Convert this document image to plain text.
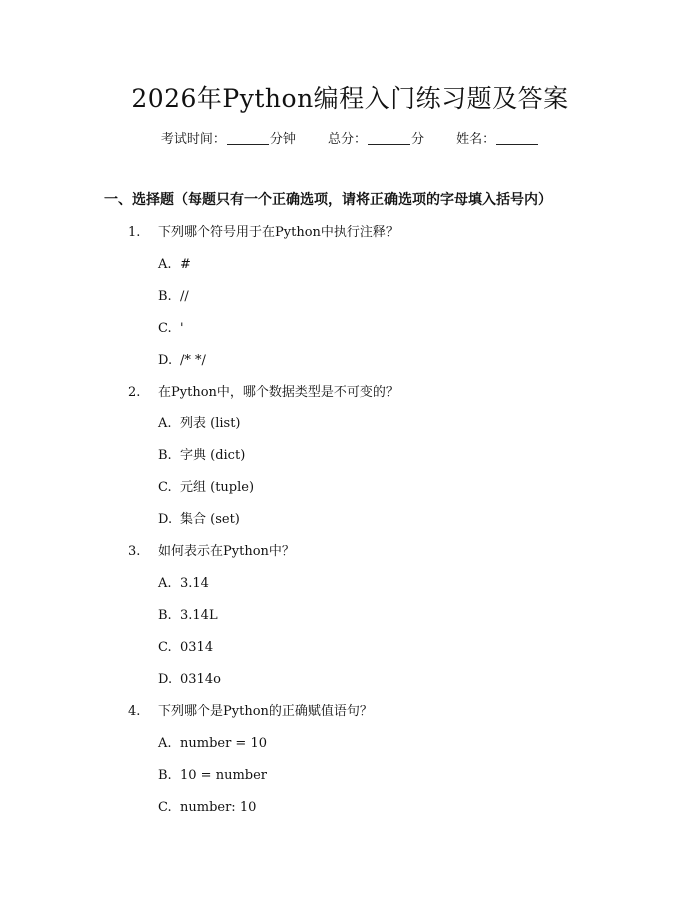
2026年Python编程入门练习题及答案
考试时间：	分钟 总分：	分 姓名：
一、选择题（每题只有一个正确选项，请将正确选项的字母填入括号内）
1. 下列哪个符号用于在Python中执行注释？
A. #
B. //
C. '
D. /* */
2. 在Python中，哪个数据类型是不可变的？
A. 列表 (list)
B. 字典 (dict)
C. 元组 (tuple)
D. 集合 (set)
3. 如何表示在Python中？
A. 3.14
B. 3.14L
C. 0314
D. 0314o
4. 下列哪个是Python的正确赋值语句？
A. number = 10
B. 10 = number
C. number: 10
